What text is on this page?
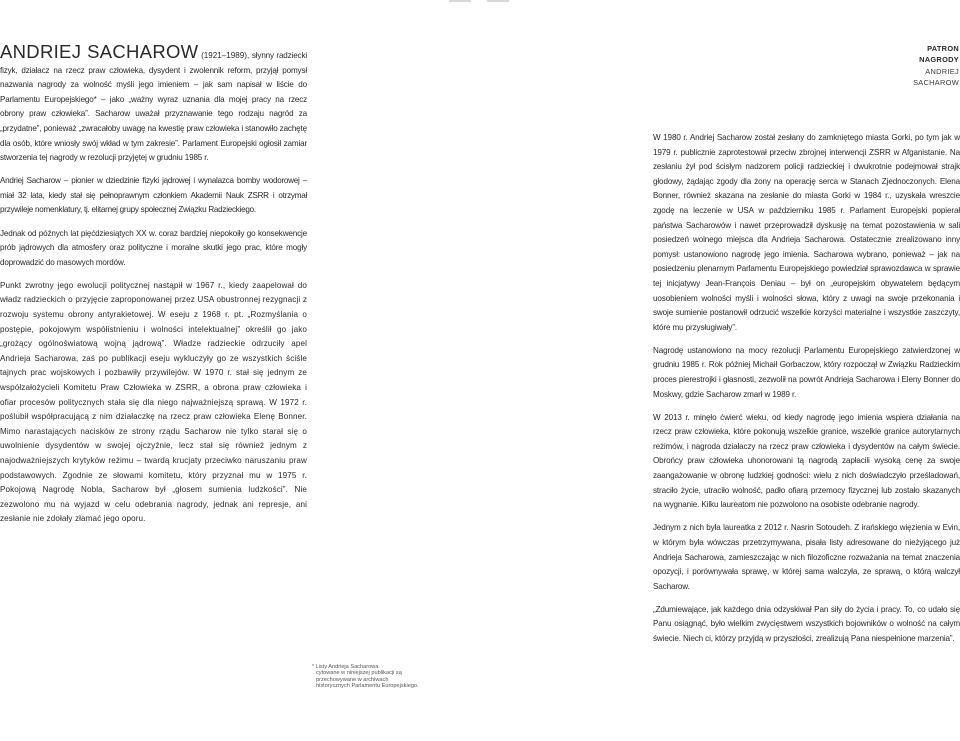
ANDRIEJ SACHAROW (1921–1989), słynny radziecki fizyk, działacz na rzecz praw człowieka, dysydent i zwolennik reform, przyjął pomysł nazwania nagrody za wolność myśli jego imieniem – jak sam napisał w liście do Parlamentu Europejskiego* – jako „ważny wyraz uznania dla mojej pracy na rzecz obrony praw człowieka”. Sacharow uważał przyznawanie tego rodzaju nagród za „przydatne”, ponieważ „zwracałoby uwagę na kwestię praw człowieka i stanowiło zachętę dla osób, które wniosły swój wkład w tym zakresie”. Parlament Europejski ogłosił zamiar stworzenia tej nagrody w rezolucji przyjętej w grudniu 1985 r.

Andriej Sacharow – pionier w dziedzinie fizyki jądrowej i wynalazca bomby wodorowej – miał 32 lata, kiedy stał się pełnoprawnym członkiem Akademii Nauk ZSRR i otrzymał przywileje nomenklatury, tj. elitarnej grupy społecznej Związku Radzieckiego.

Jednak od późnych lat pięćdziesiątych XX w. coraz bardziej niepokoiły go konsekwencje prób jądrowych dla atmosfery oraz polityczne i moralne skutki jego prac, które mogły doprowadzić do masowych mordów.

Punkt zwrotny jego ewolucji politycznej nastąpił w 1967 r., kiedy zaapelował do władz radzieckich o przyjęcie zaproponowanej przez USA obustronnej rezygnacji z rozwoju systemu obrony antyrakietowej. W eseju z 1968 r. pt. „Rozmyślania o postępie, pokojowym współistnieniu i wolności intelektualnej” określił go jako „grożący ogólnoświatową wojną jądrową”. Władze radzieckie odrzuciły apel Andrieja Sacharowa, zaś po publikacji eseju wykluczyły go ze wszystkich ściśle tajnych prac wojskowych i pozbawiły przywilejów. W 1970 r. stał się jednym ze współzałożycieli Komitetu Praw Człowieka w ZSRR, a obrona praw człowieka i ofiar procesów politycznych stała się dla niego najważniejszą sprawą. W 1972 r. poślubił współpracującą z nim działaczkę na rzecz praw człowieka Elenę Bonner. Mimo narastających nacisków ze strony rządu Sacharow nie tylko starał się o uwolnienie dysydentów w swojej ojczyźnie, lecz stał się również jednym z najodważniejszych krytyków reżimu – twardą krucjaty przeciwko naruszaniu praw podstawowych. Zgodnie ze słowami komitetu, który przyznał mu w 1975 r. Pokojową Nagrodę Nobla, Sacharow był „głosem sumienia ludzkości”. Nie zezwolono mu na wyjazd w celu odebrania nagrody, jednak ani represje, ani zesłanie nie zdołały złamać jego oporu.

* Listy Andrieja Sacharowa
cytowane w niniejszej publikacji są przechowywane w archiwach historycznych Parlamentu Europejskiego.
PATRON
NAGRODY
ANDRIEJ
SACHAROW

W 1980 r. Andriej Sacharow został zesłany do zamkniętego miasta Gorki, po tym jak w 1979 r. publicznie zaprotestował przeciw zbrojnej interwencji ZSRR w Afganistanie. Na zesłaniu żył pod ścisłym nadzorem policji radzieckiej i dwukrotnie podejmował strajk głodowy, żądając zgody dla żony na operację serca w Stanach Zjednoczonych. Elena Bonner, również skazana na zesłanie do miasta Gorki w 1984 r., uzyskała wreszcie zgodę na leczenie w USA w październiku 1985 r. Parlament Europejski popierał państwa Sacharowów i nawet przeprowadził dyskusję na temat pozostawienia w sali posiedzeń wolnego miejsca dla Andrieja Sacharowa. Ostatecznie zrealizowano inny pomysł: ustanowiono nagrodę jego imienia. Sacharowa wybrano, ponieważ – jak na posiedzeniu plenarnym Parlamentu Europejskiego powiedział sprawozdawca w sprawie tej inicjatywy Jean-François Deniau – był on „europejskim obywatelem będącym uosobieniem wolności myśli i wolności słowa, który z uwagi na swoje przekonania i swoje sumienie postanowił odrzucić wszelkie korzyści materialne i wszystkie zaszczyty, które mu przysługiwały”.

Nagrodę ustanowiono na mocy rezolucji Parlamentu Europejskiego zatwierdzonej w grudniu 1985 r. Rok później Michaił Gorbaczow, który rozpoczął w Związku Radzieckim proces pierestrojki i głasnosti, zezwolił na powrót Andrieja Sacharowa i Eleny Bonner do Moskwy, gdzie Sacharow zmarł w 1989 r.

W 2013 r. minęło ćwierć wieku, od kiedy nagrodę jego imienia wspiera działania na rzecz praw człowieka, które pokonują wszelkie granice, wszelkie granice autorytarnych reżimów, i nagroda działaczy na rzecz praw człowieka i dysydentów na całym świecie. Obrońcy praw człowieka uhonorowani tą nagrodą zapłacili wysoką cenę za swoje zaangażowanie w obronę ludzkiej godności: wielu z nich doświadczyło prześladowań, straciło życie, utraciło wolność, padło ofiarą przemocy fizycznej lub zostało skazanych na wygnanie. Kilku laureatom nie pozwolono na osobiste odebranie nagrody.

Jednym z nich była laureatka z 2012 r. Nasrin Sotoudeh. Z irańskiego więzienia w Evin, w którym była wówczas przetrzymywana, pisała listy adresowane do nieżyjącego już Andrieja Sacharowa, zamieszczając w nich filozoficzne rozważania na temat znaczenia opozycji, i porównywała sprawę, w której sama walczyła, ze sprawą, o którą walczył Sacharow.

„Zdumiewające, jak każdego dnia odzyskiwał Pan siły do życia i pracy. To, co udało się Panu osiągnąć, było wielkim zwycięstwem wszystkich bojowników o wolność na całym świecie. Niech ci, którzy przyjdą w przyszłości, zrealizują Pana niespełnione marzenia”.
